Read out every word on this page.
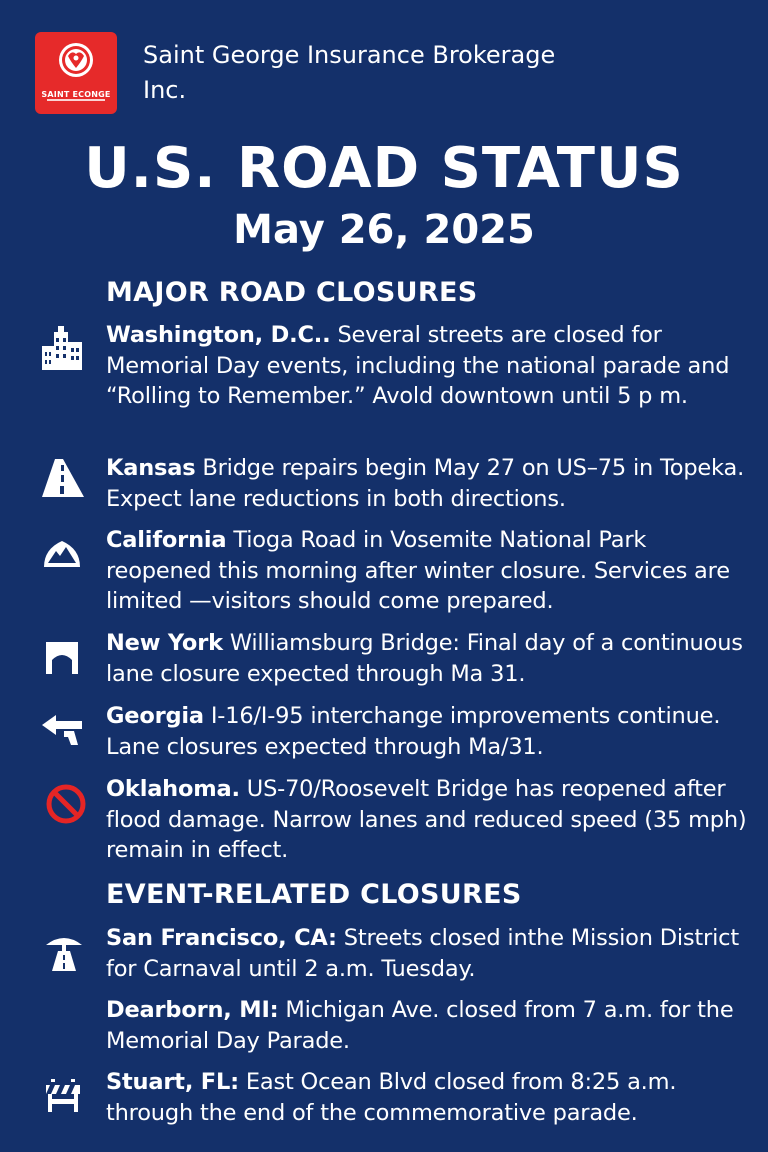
SAINT ECONGE
Saint George Insurance Brokerage Inc.
U.S. ROAD STATUS
May 26, 2025
MAJOR ROAD CLOSURES
Washington, D.C.. Several streets are closed for Memorial Day events, including the national parade and “Rolling to Remember.” Avold downtown until 5 p m.
Kansas Bridge repairs begin May 27 on US–75 in Topeka. Expect lane reductions in both directions.
California Tioga Road in Vosemite National Park reopened this morning after winter closure. Services are limited —visitors should come prepared.
New York Williamsburg Bridge: Final day of a continuous lane closure expected through Ma 31.
Georgia I-16/I-95 interchange improvements continue. Lane closures expected through Ma/31.
Oklahoma. US-70/Roosevelt Bridge has reopened after flood damage. Narrow lanes and reduced speed (35 mph) remain in effect.
EVENT-RELATED CLOSURES
San Francisco, CA: Streets closed inthe Mission District for Carnaval until 2 a.m. Tuesday.
Dearborn, MI: Michigan Ave. closed from 7 a.m. for the Memorial Day Parade.
Stuart, FL: East Ocean Blvd closed from 8:25 a.m. through the end of the commemorative parade.
